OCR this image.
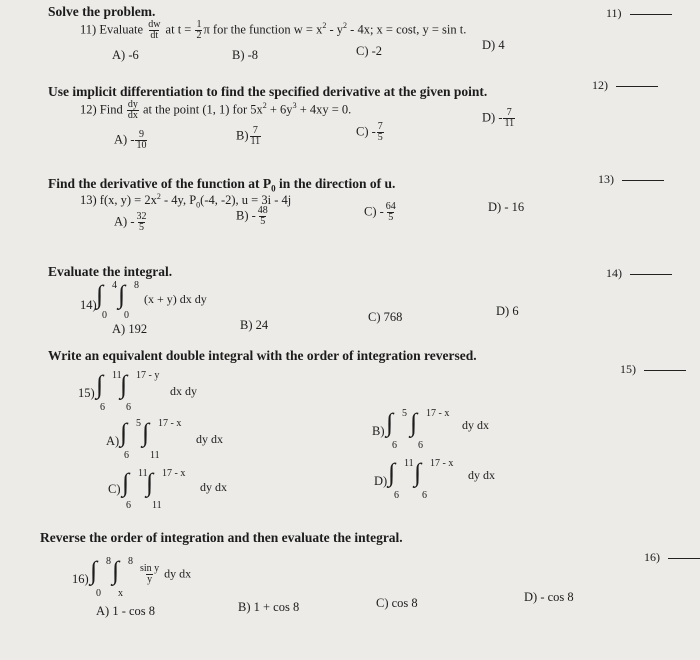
Solve the problem.	11)
11) Evaluate $\frac{dw}{dt}$ at $t = \frac{1}{2}$ π for the function $w = x^2 - y^2 - 4x$; x = cost, y = sin t.
A) -6	B) -8	C) -2	D) 4
Use implicit differentiation to find the specified derivative at the given point.	12)
12) Find $\frac{dy}{dx}$ at the point (1, 1) for $5x^2 + 6y^3 + 4xy = 0$.
$A) - \frac{9}{10}$	$B) \frac{7}{11}$	$C) - \frac{7}{5}$
$D) - \frac{7}{11}$
Find the derivative of the function at $P_0$ in the direction of u.	13)
13) f(x, $y) = 2x^2 - 4y$, $P_0(-4$, -2), u = 3i - 4j
$A) - \frac{32}{5}$	$B) - \frac{48}{5}$	$C) - \frac{64}{5}$	D) - 16
Evaluate the integral.	14)
14) ∫ 4
0
∫ 8
0
(x + y) dx dy
A) 192	B) 24
C) 768	D) 6
Write an equivalent double integral with the order of integration reversed.
15)
15) ∫ 11
6
∫ 17 - y
6
dx dy
A) ∫ 5
6
∫ 17 - x
11
dy dx
B) ∫ 5
6
∫ 17 - x
6
dy dx
C) ∫ 11
6
∫ 17 - x
11
dy dx	D) ∫ 11
6
∫ 17 - x
6
dy dx
Reverse the order of integration and then evaluate the integral.
16)
16) ∫ 8
0
∫ 8
x
$\frac{\text{sin y}}{y}$ dy dx
A) 1 - cos 8	B) 1 + cos 8	C) cos 8	D) - cos 8
